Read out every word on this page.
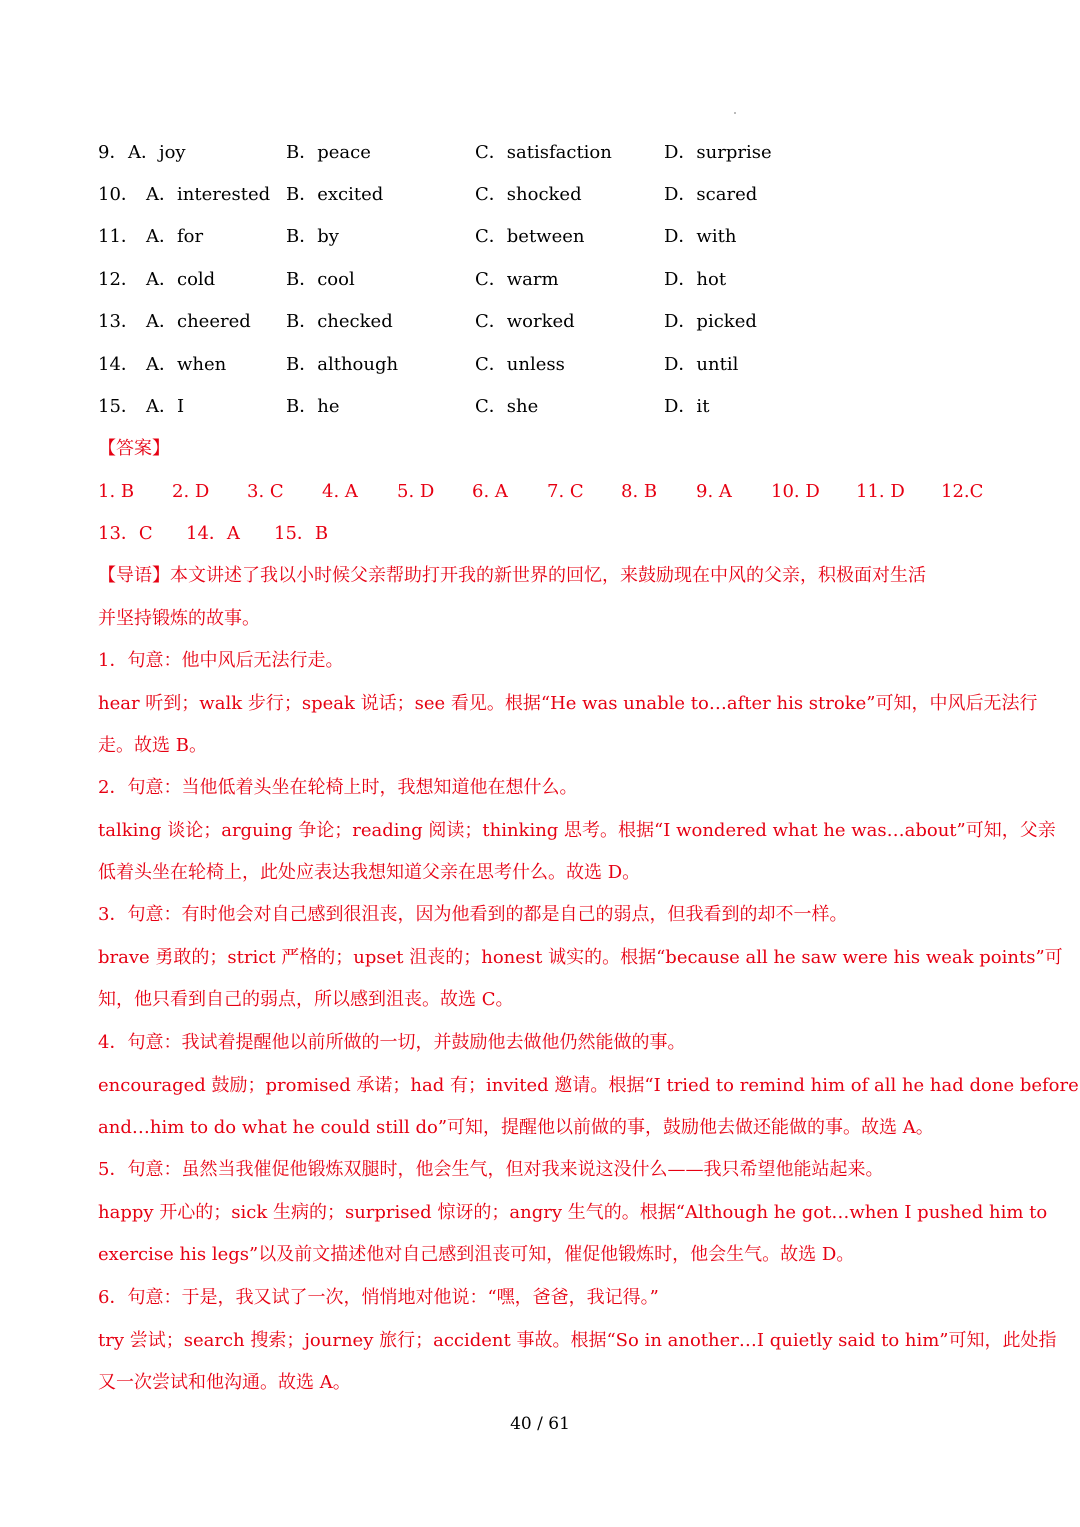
9． A．joy	B．peace	C．satisfaction	D．surprise
10． A．interested B．excited	C．shocked	D．scared
11． A．for	B．by	C．between	D．with
12． A．cold	B．cool	C．warm	D．hot
13． A．cheered B．checked	C．worked	D．picked
14． A．when	B．although	C．unless	D．until
15． A．I	B．he	C．she	D．it
【答案】
1. B 2. D 3. C 4. A 5. D 6. A 7. C 8. B 9. A 10. D 11. D 12.C
13．C 14．A 15．B
【导语】本文讲述了我以小时候父亲帮助打开我的新世界的回忆，来鼓励现在中风的父亲，积极面对生活
并坚持锻炼的故事。
1．句意：他中风后无法行走。
hear 听到；walk 步行；speak 说话；see 看见。根据“He was unable to…after his stroke”可知，中风后无法行
走。故选 B。
2．句意：当他低着头坐在轮椅上时，我想知道他在想什么。
talking 谈论；arguing 争论；reading 阅读；thinking 思考。根据“I wondered what he was…about”可知，父亲
低着头坐在轮椅上，此处应表达我想知道父亲在思考什么。故选 D。
3．句意：有时他会对自己感到很沮丧，因为他看到的都是自己的弱点，但我看到的却不一样。
brave 勇敢的；strict 严格的；upset 沮丧的；honest 诚实的。根据“because all he saw were his weak points”可
知，他只看到自己的弱点，所以感到沮丧。故选 C。
4．句意：我试着提醒他以前所做的一切，并鼓励他去做他仍然能做的事。
encouraged 鼓励；promised 承诺；had 有；invited 邀请。根据“I tried to remind him of all he had done before
and…him to do what he could still do”可知，提醒他以前做的事，鼓励他去做还能做的事。故选 A。
5．句意：虽然当我催促他锻炼双腿时，他会生气，但对我来说这没什么——我只希望他能站起来。
happy 开心的；sick 生病的；surprised 惊讶的；angry 生气的。根据“Although he got…when I pushed him to
exercise his legs”以及前文描述他对自己感到沮丧可知，催促他锻炼时，他会生气。故选 D。
6．句意：于是，我又试了一次，悄悄地对他说：“嘿，爸爸，我记得。”
try 尝试；search 搜索；journey 旅行；accident 事故。根据“So in another…I quietly said to him”可知，此处指
又一次尝试和他沟通。故选 A。
40 / 61
